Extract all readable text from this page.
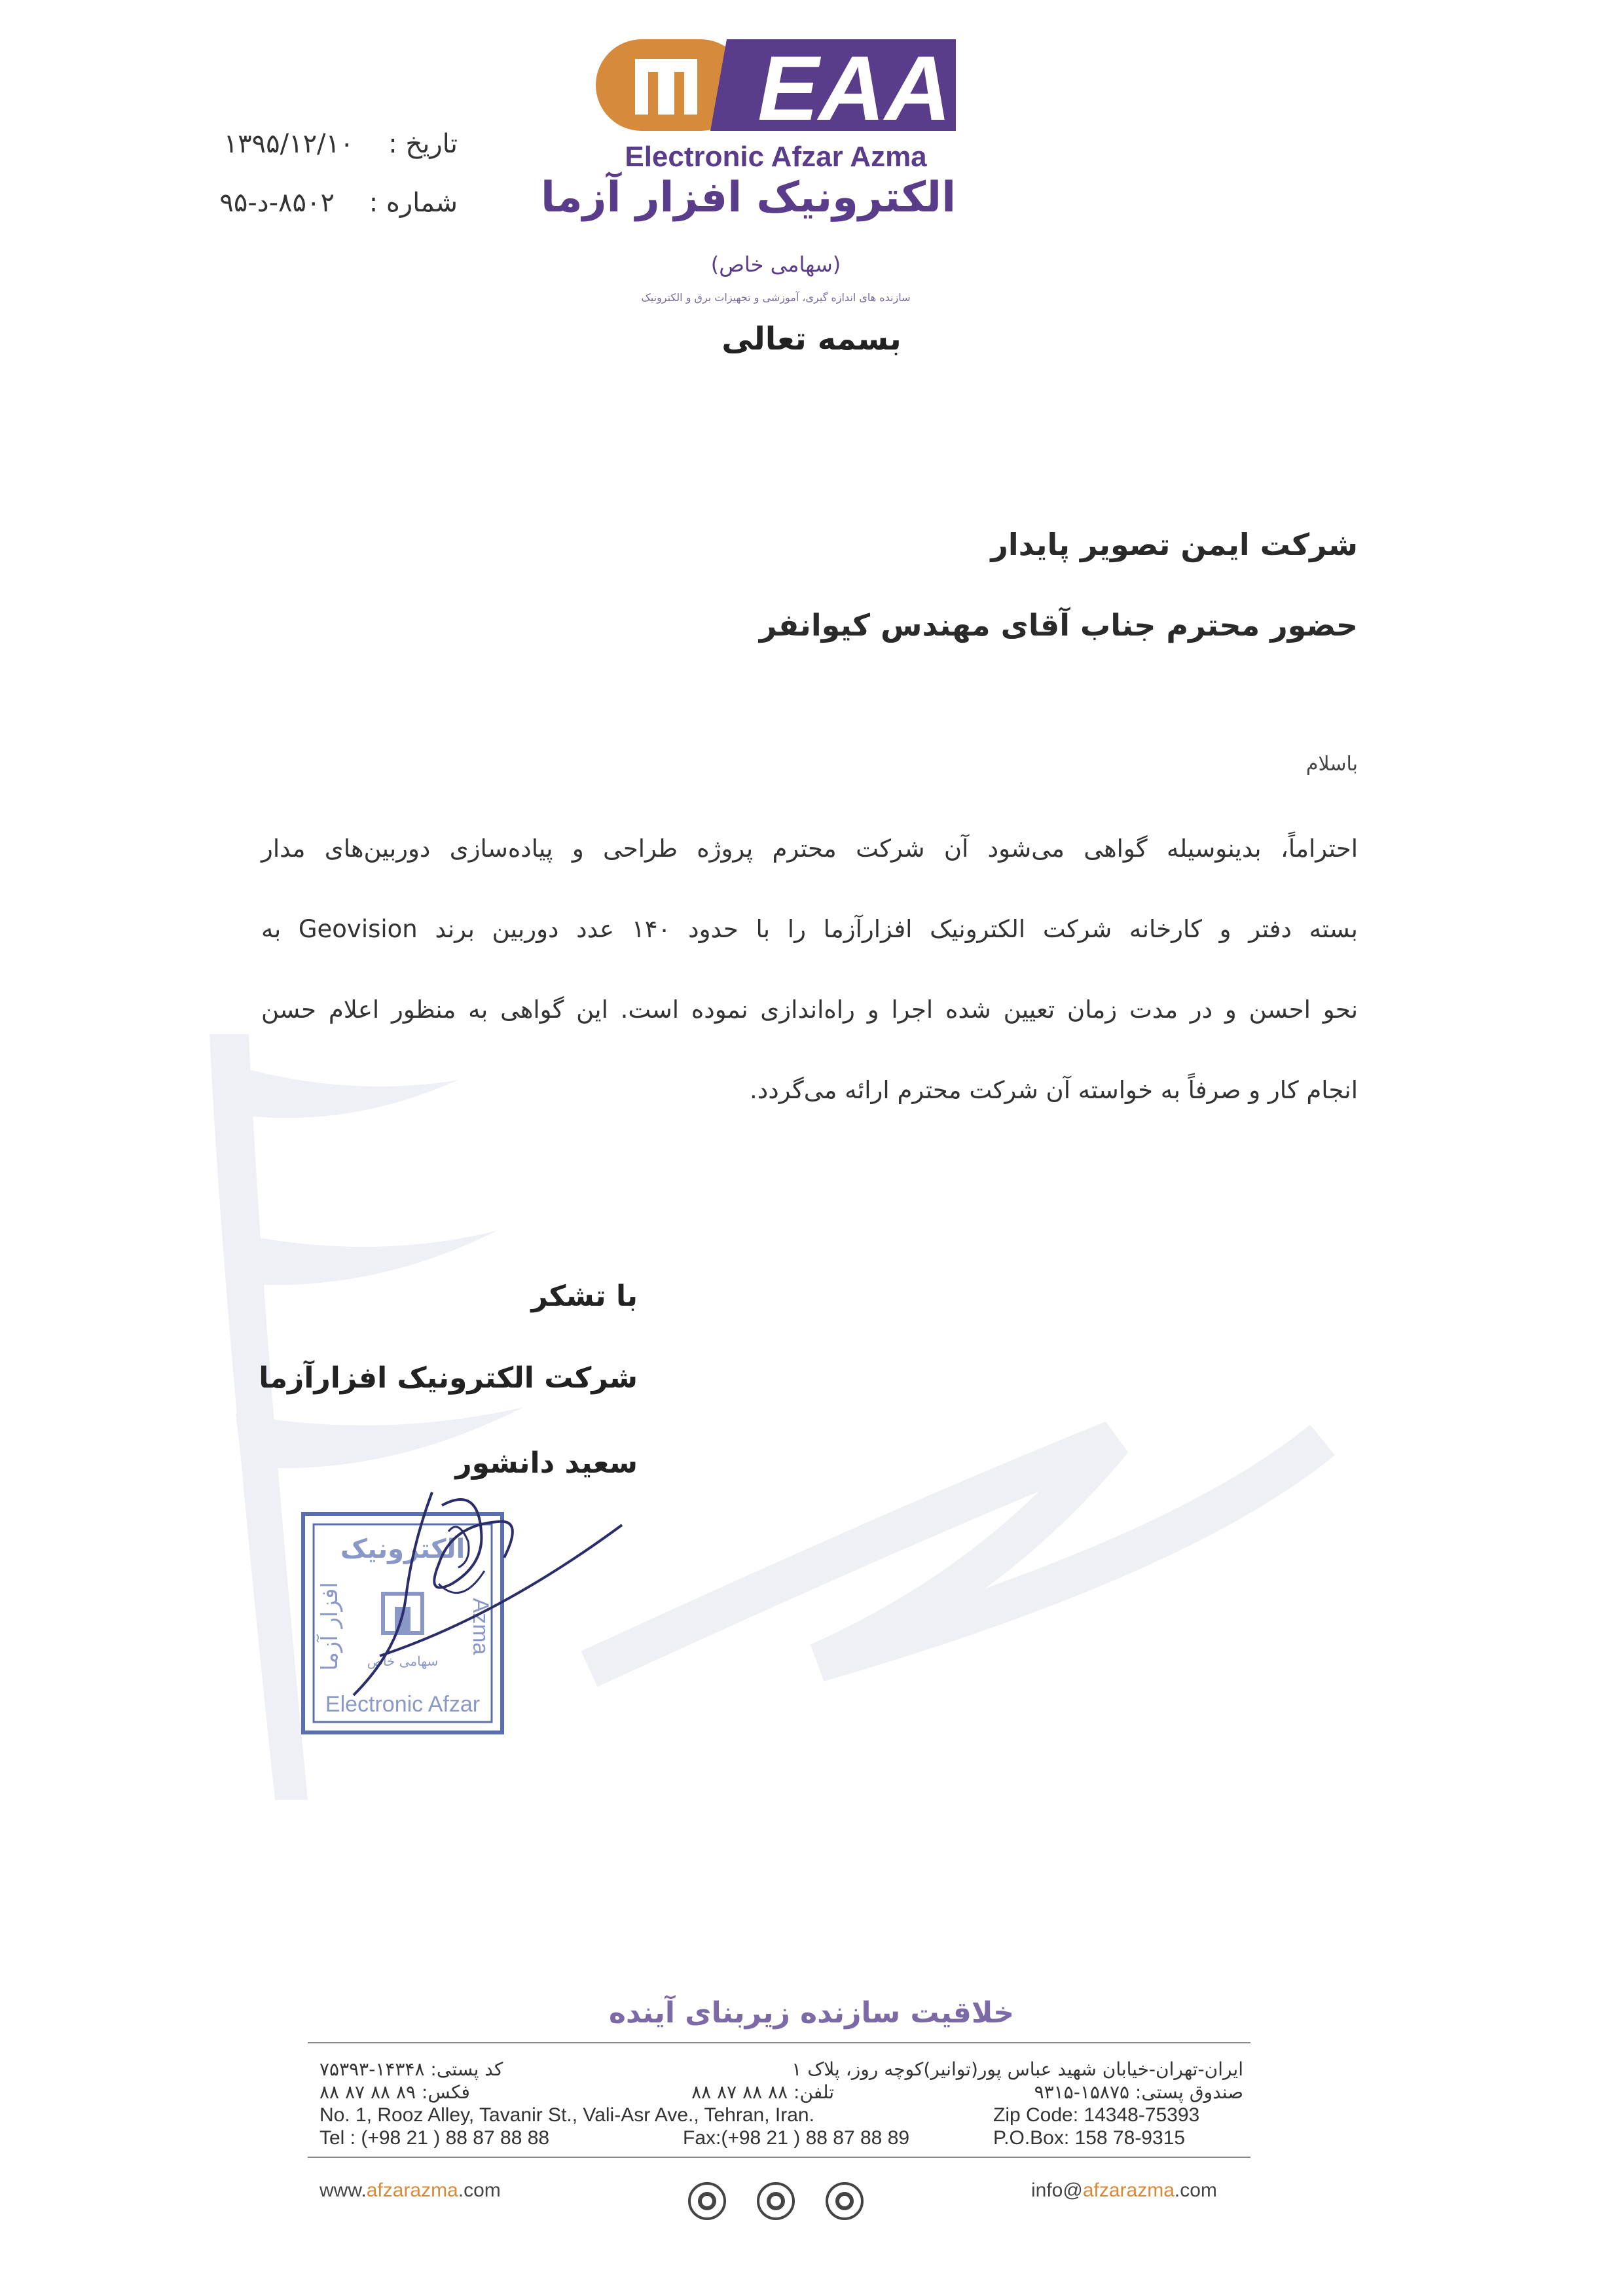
تاریخ : ۱۳۹۵/۱۲/۱۰
شماره : ۸۵۰۲-د-۹۵
EAA
Electronic Afzar Azma
الکترونیک افزار آزما
(سهامی خاص)
سازنده های اندازه گیری، آموزشی و تجهیزات برق و الکترونیک
بسمه تعالی
شرکت ایمن تصویر پایدار
حضور محترم جناب آقای مهندس کیوانفر
باسلام
احتراماً، بدینوسیله گواهی می‌شود آن شرکت محترم پروژه طراحی و پیاده‌سازی دوربین‌های مدار
بسته دفتر و کارخانه شرکت الکترونیک افزارآزما را با حدود ۱۴۰ عدد دوربین برند Geovision به
نحو احسن و در مدت زمان تعیین شده اجرا و راه‌اندازی نموده است. این گواهی به منظور اعلام حسن
انجام کار و صرفاً به خواسته آن شرکت محترم ارائه می‌گردد.
با تشکر
شرکت الکترونیک افزارآزما
سعید دانشور
الکترونیک
افزار آزما	Azma
سهامی خاص
Electronic Afzar
خلاقیت سازنده زیربنای آینده
ایران-تهران-خیابان شهید عباس پور(توانیر)کوچه روز، پلاک ۱
صندوق پستی: ۱۵۸۷۵-۹۳۱۵
تلفن: ۸۸ ۸۸ ۸۷ ۸۸
کد پستی: ۱۴۳۴۸-۷۵۳۹۳
فکس: ۸۹ ۸۸ ۸۷ ۸۸
No. 1, Rooz Alley, Tavanir St., Vali-Asr Ave., Tehran, Iran.
Tel : (+98 21 ) 88 87 88 88	Fax:(+98 21 ) 88 87 88 89
Zip Code: 14348-75393
P.O.Box: 158 78-9315
www.afzarazma.com	info@afzarazma.com
